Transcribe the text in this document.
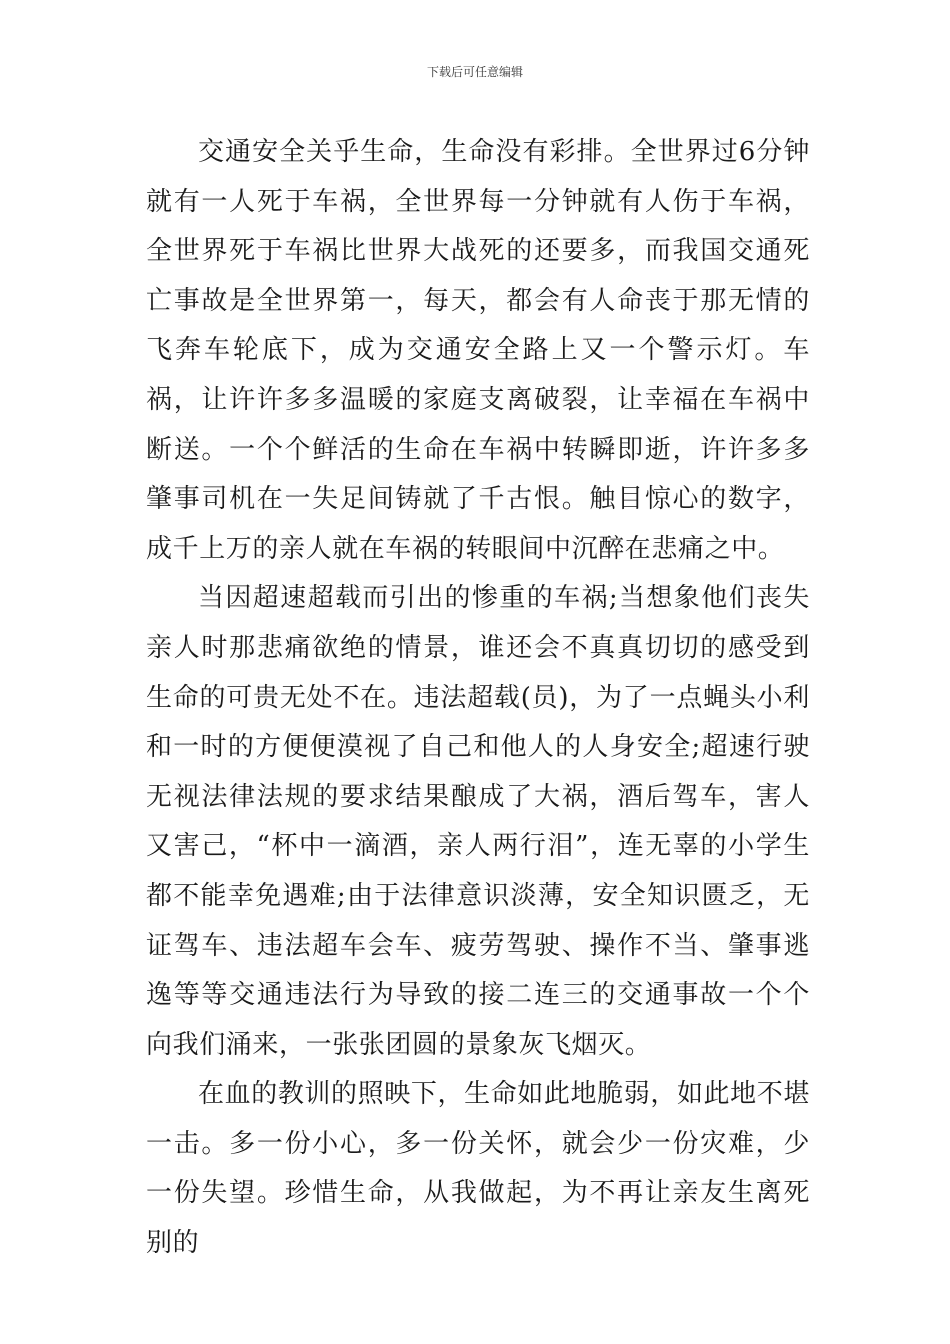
下载后可任意编辑

交通安全关乎生命，生命没有彩排。全世界过6分钟就有一人死于车祸，全世界每一分钟就有人伤于车祸，全世界死于车祸比世界大战死的还要多，而我国交通死亡事故是全世界第一，每天，都会有人命丧于那无情的飞奔车轮底下，成为交通安全路上又一个警示灯。车祸，让许许多多温暖的家庭支离破裂，让幸福在车祸中断送。一个个鲜活的生命在车祸中转瞬即逝，许许多多肇事司机在一失足间铸就了千古恨。触目惊心的数字，成千上万的亲人就在车祸的转眼间中沉醉在悲痛之中。

当因超速超载而引出的惨重的车祸;当想象他们丧失亲人时那悲痛欲绝的情景，谁还会不真真切切的感受到生命的可贵无处不在。违法超载(员)，为了一点蝇头小利和一时的方便便漠视了自己和他人的人身安全;超速行驶无视法律法规的要求结果酿成了大祸，酒后驾车，害人又害己，“杯中一滴酒，亲人两行泪”，连无辜的小学生都不能幸免遇难;由于法律意识淡薄，安全知识匮乏，无证驾车、违法超车会车、疲劳驾驶、操作不当、肇事逃逸等等交通违法行为导致的接二连三的交通事故一个个向我们涌来，一张张团圆的景象灰飞烟灭。

在血的教训的照映下，生命如此地脆弱，如此地不堪一击。多一份小心，多一份关怀，就会少一份灾难，少一份失望。珍惜生命，从我做起，为不再让亲友生离死别的
